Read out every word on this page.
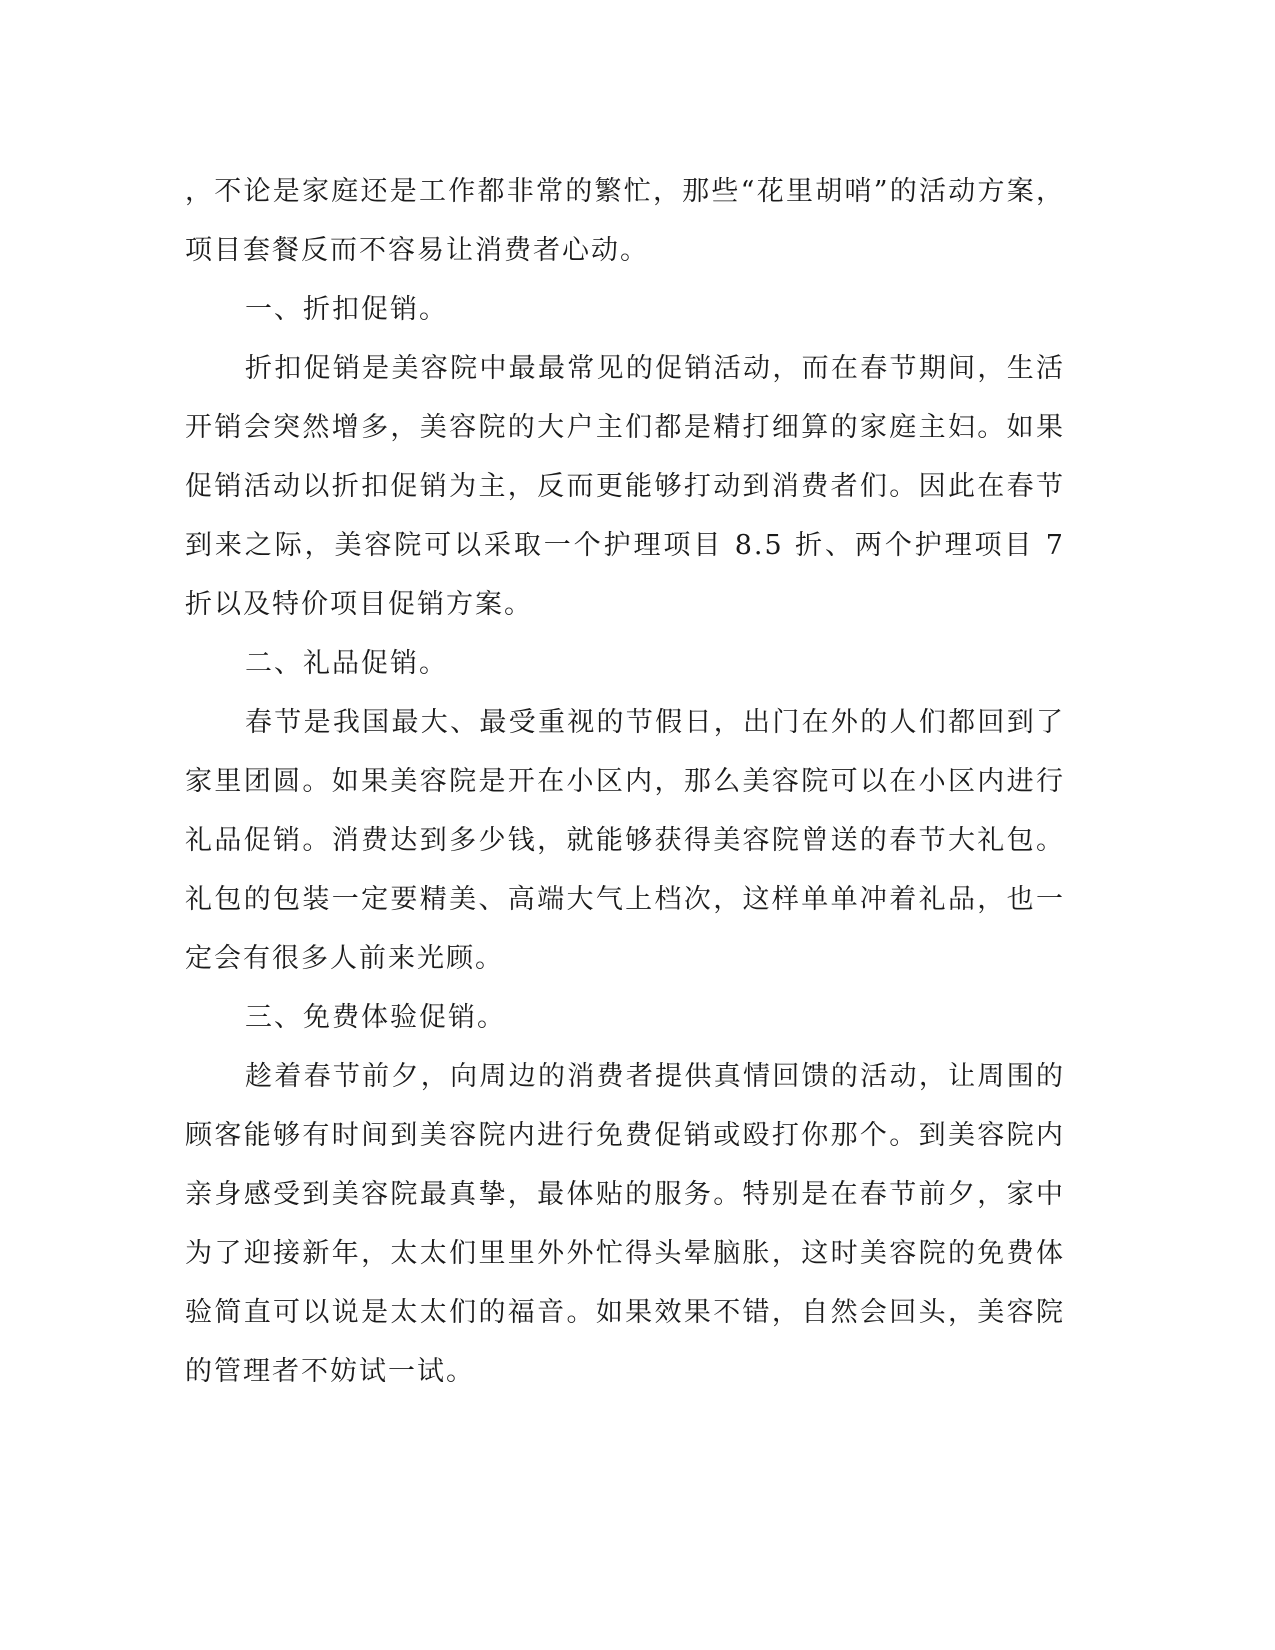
，不论是家庭还是工作都非常的繁忙，那些“花里胡哨”的活动方案，项目套餐反而不容易让消费者心动。

一、折扣促销。

折扣促销是美容院中最最常见的促销活动，而在春节期间，生活开销会突然增多，美容院的大户主们都是精打细算的家庭主妇。如果促销活动以折扣促销为主，反而更能够打动到消费者们。因此在春节到来之际，美容院可以采取一个护理项目 8.5 折、两个护理项目 7 折以及特价项目促销方案。

二、礼品促销。

春节是我国最大、最受重视的节假日，出门在外的人们都回到了家里团圆。如果美容院是开在小区内，那么美容院可以在小区内进行礼品促销。消费达到多少钱，就能够获得美容院曾送的春节大礼包。礼包的包装一定要精美、高端大气上档次，这样单单冲着礼品，也一定会有很多人前来光顾。

三、免费体验促销。

趁着春节前夕，向周边的消费者提供真情回馈的活动，让周围的顾客能够有时间到美容院内进行免费促销或殴打你那个。到美容院内亲身感受到美容院最真挚，最体贴的服务。特别是在春节前夕，家中为了迎接新年，太太们里里外外忙得头晕脑胀，这时美容院的免费体验简直可以说是太太们的福音。如果效果不错，自然会回头，美容院的管理者不妨试一试。
